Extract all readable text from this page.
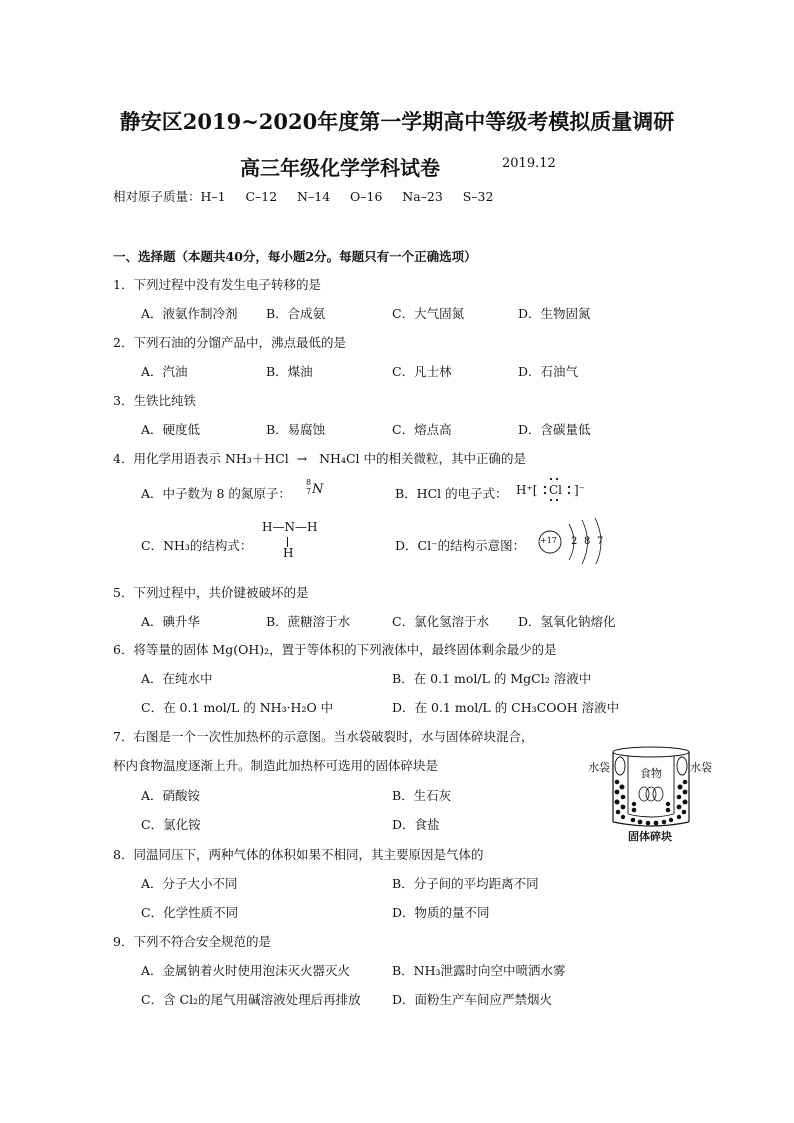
静安区2019~2020年度第一学期高中等级考模拟质量调研
高三年级化学学科试卷	2019.12
相对原子质量：H–1     C–12     N–14     O–16     Na–23     S–32
一、选择题（本题共40分，每小题2分。每题只有一个正确选项）
1．下列过程中没有发生电子转移的是
A．液氨作制冷剂 B．合成氨	C．大气固氮	D．生物固氮
2．下列石油的分馏产品中，沸点最低的是
A．汽油	B．煤油	C．凡士林	D．石油气
3．生铁比纯铁
A．硬度低	B．易腐蚀	C．熔点高	D．含碳量低
4．用化学用语表示 NH₃＋HCl  →   NH₄Cl 中的相关微粒，其中正确的是
A．中子数为 8 的氮原子：
8
7 N	B．HCl 的电子式： H⁺[ Cl ]⁻
C．NH₃的结构式：
H—N—H
H	D．Cl⁻的结构示意图： +17 2 8 7
5．下列过程中，共价键被破坏的是
A．碘升华	B．蔗糖溶于水	C．氯化氢溶于水 D．氢氧化钠熔化
6．将等量的固体 Mg(OH)₂，置于等体积的下列液体中，最终固体剩余最少的是
A．在纯水中	B．在 0.1 mol/L 的 MgCl₂ 溶液中
C．在 0.1 mol/L 的 NH₃·H₂O 中	D．在 0.1 mol/L 的 CH₃COOH 溶液中
7．右图是一个一次性加热杯的示意图。当水袋破裂时，水与固体碎块混合，
杯内食物温度逐渐上升。制造此加热杯可选用的固体碎块是
A．硝酸铵	B．生石灰
C．氯化铵	D．食盐
水袋	水袋
食物
固体碎块
8．同温同压下，两种气体的体积如果不相同，其主要原因是气体的
A．分子大小不同	B．分子间的平均距离不同
C．化学性质不同	D．物质的量不同
9．下列不符合安全规范的是
A．金属钠着火时使用泡沫灭火器灭火	B．NH₃泄露时向空中喷洒水雾
C．含 Cl₂的尾气用碱溶液处理后再排放	D．面粉生产车间应严禁烟火
